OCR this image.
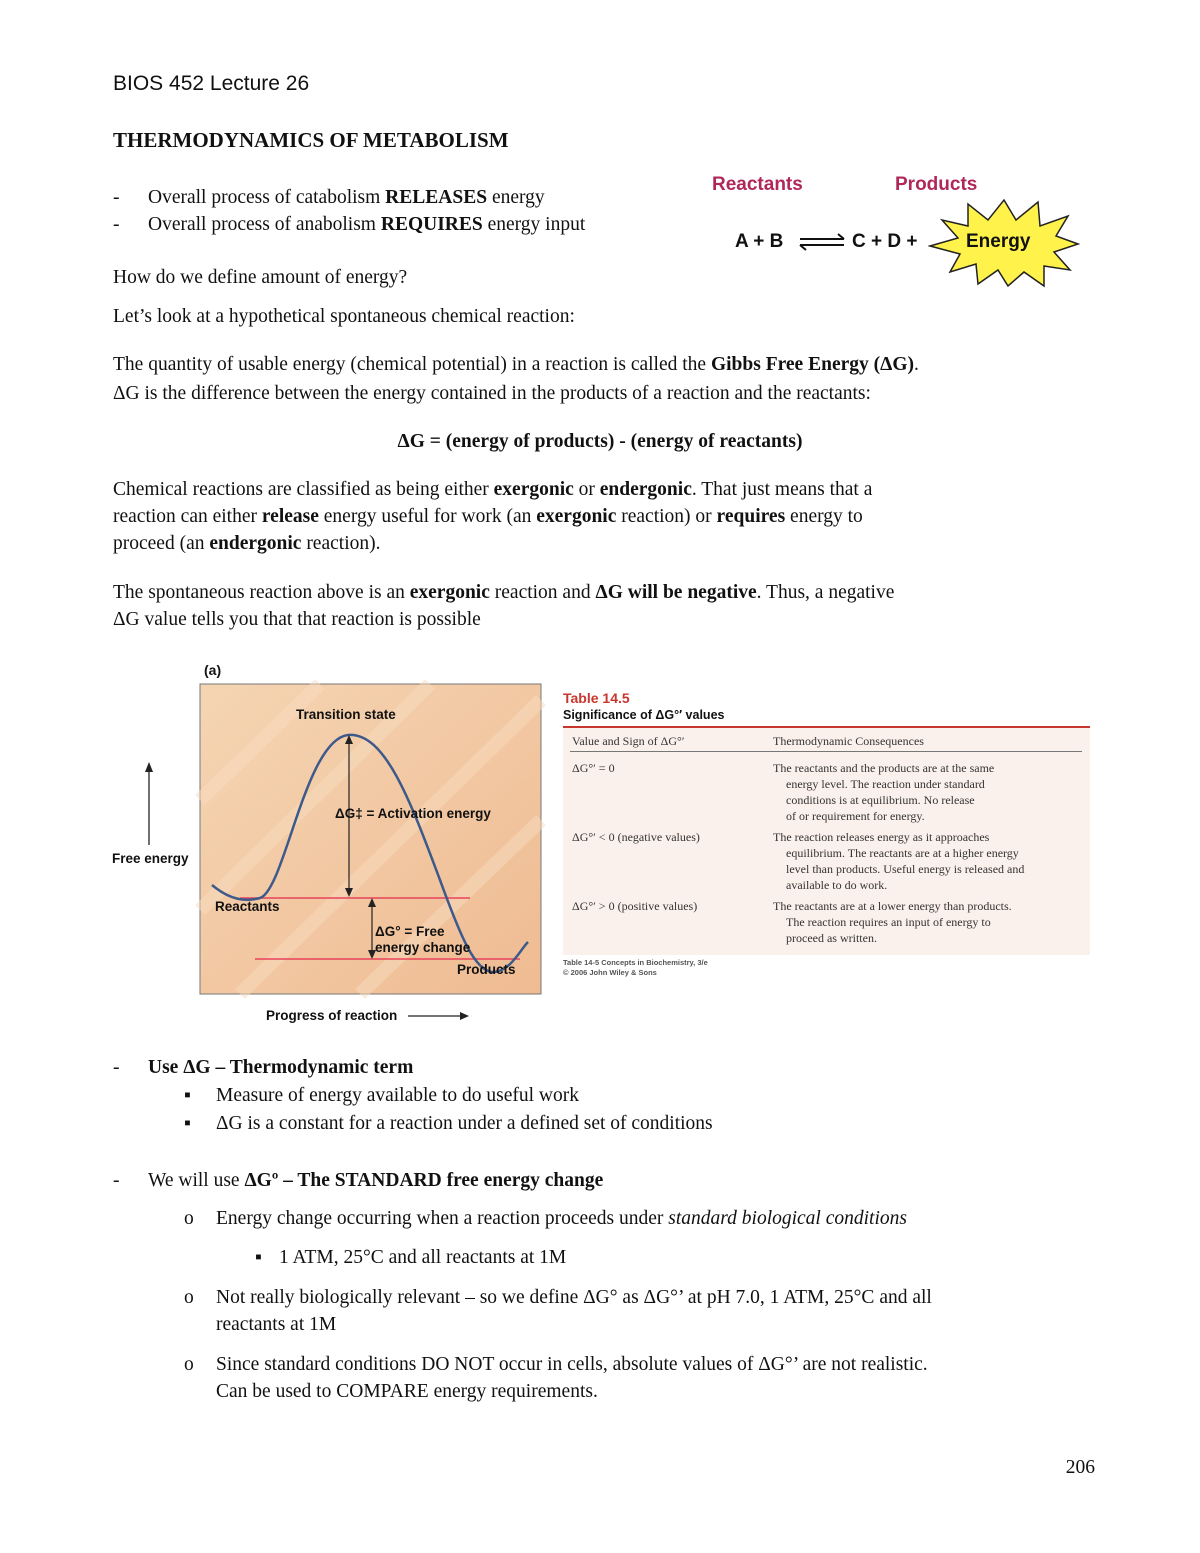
BIOS 452 Lecture 26
THERMODYNAMICS OF METABOLISM
- Overall process of catabolism RELEASES energy
- Overall process of anabolism REQUIRES energy input
How do we define amount of energy?
Let’s look at a hypothetical spontaneous chemical reaction:
Reactants	Products
A + B ⇌ C + D +	Energy
The quantity of usable energy (chemical potential) in a reaction is called the Gibbs Free Energy (ΔG).
ΔG is the difference between the energy contained in the products of a reaction and the reactants:
ΔG = (energy of products) - (energy of reactants)
Chemical reactions are classified as being either exergonic or endergonic. That just means that a
reaction can either release energy useful for work (an exergonic reaction) or requires energy to
proceed (an endergonic reaction).
The spontaneous reaction above is an exergonic reaction and ΔG will be negative. Thus, a negative
ΔG value tells you that that reaction is possible
(a)
Transition state
ΔG‡ = Activation energy
Reactants
ΔG° = Free
energy change
Products
Free energy
Progress of reaction
Table 14.5
Significance of ΔG°′ values
Value and Sign of ΔG°′	Thermodynamic Consequences
ΔG°′ = 0	The reactants and the products are at the same
energy level. The reaction under standard
conditions is at equilibrium. No release
of or requirement for energy.
ΔG°′ < 0 (negative values)	The reaction releases energy as it approaches
equilibrium. The reactants are at a higher energy
level than products. Useful energy is released and
available to do work.
ΔG°′ > 0 (positive values)	The reactants are at a lower energy than products.
The reaction requires an input of energy to
proceed as written.
Table 14-5 Concepts in Biochemistry, 3/e
© 2006 John Wiley & Sons
- Use ΔG – Thermodynamic term
▪ Measure of energy available to do useful work
▪ ΔG is a constant for a reaction under a defined set of conditions
- We will use ΔGº – The STANDARD free energy change
o Energy change occurring when a reaction proceeds under standard biological conditions
▪ 1 ATM, 25°C and all reactants at 1M
o Not really biologically relevant – so we define ΔG° as ΔG°’ at pH 7.0, 1 ATM, 25°C and all
reactants at 1M
o Since standard conditions DO NOT occur in cells, absolute values of ΔG°’ are not realistic.
Can be used to COMPARE energy requirements.
206
